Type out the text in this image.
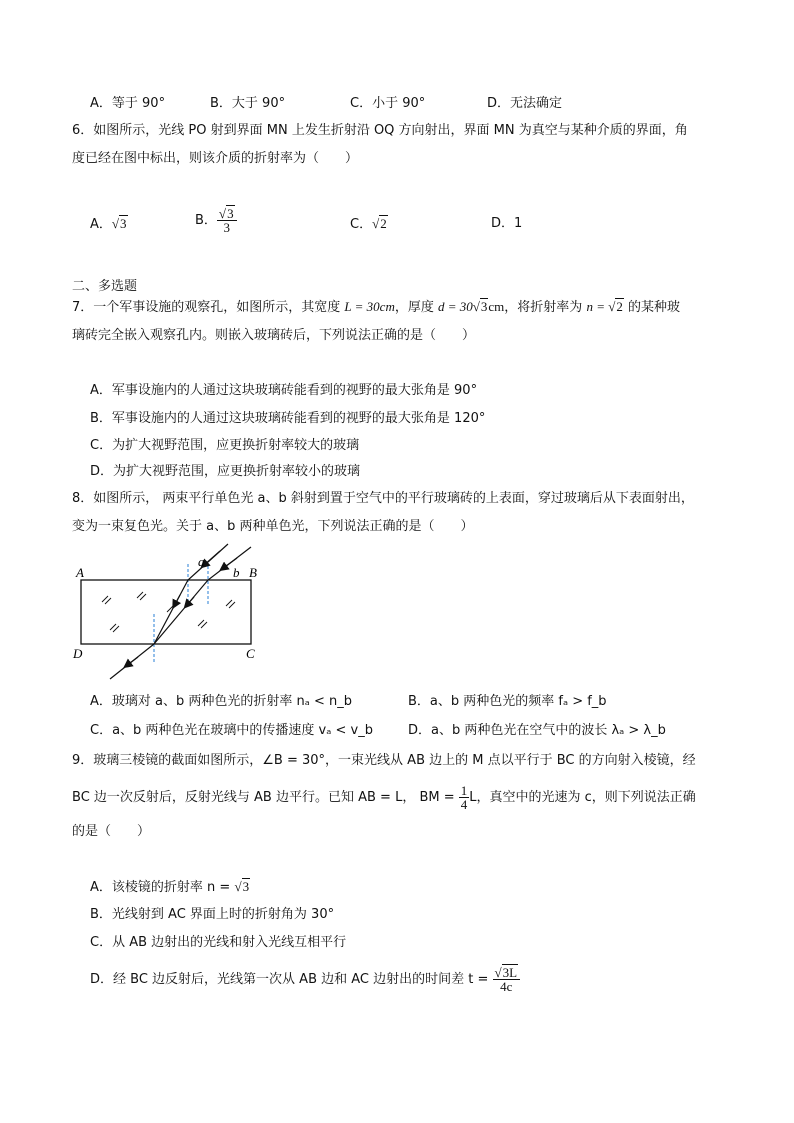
A．等于 90°	B．大于 90°	C．小于 90°	D．无法确定
6．如图所示，光线 PO 射到界面 MN 上发生折射沿 OQ 方向射出，界面 MN 为真空与某种介质的界面，角
度已经在图中标出，则该介质的折射率为（　　）
A．√3	B． $\frac{√3}{3}$	C．√2	D．1
二、多选题
7．一个军事设施的观察孔，如图所示，其宽度 L = 30cm，厚度 d = 30√3cm，将折射率为 n = √2 的某种玻
璃砖完全嵌入观察孔内。则嵌入玻璃砖后，下列说法正确的是（　　）
A．军事设施内的人通过这块玻璃砖能看到的视野的最大张角是 90°
B．军事设施内的人通过这块玻璃砖能看到的视野的最大张角是 120°
C．为扩大视野范围，应更换折射率较大的玻璃
D．为扩大视野范围，应更换折射率较小的玻璃
8．如图所示， 两束平行单色光 a、b 斜射到置于空气中的平行玻璃砖的上表面，穿过玻璃后从下表面射出，
变为一束复色光。关于 a、b 两种单色光，下列说法正确的是（　　）
A	B
C
D
a
b
A．玻璃对 a、b 两种色光的折射率 nₐ < n_b	B．a、b 两种色光的频率 fₐ > f_b
C．a、b 两种色光在玻璃中的传播速度 vₐ < v_b	D．a、b 两种色光在空气中的波长 λₐ > λ_b
9．玻璃三棱镜的截面如图所示，∠B = 30°，一束光线从 AB 边上的 M 点以平行于 BC 的方向射入棱镜，经
BC 边一次反射后，反射光线与 AB 边平行。已知 AB = L， BM = $\frac{1}{4}$ L，真空中的光速为 c，则下列说法正确
的是（　　）
A．该棱镜的折射率 n = √3
B．光线射到 AC 界面上时的折射角为 30°
C．从 AB 边射出的光线和射入光线互相平行
D．经 BC 边反射后，光线第一次从 AB 边和 AC 边射出的时间差 $t = \frac{√3L}{4c}$
